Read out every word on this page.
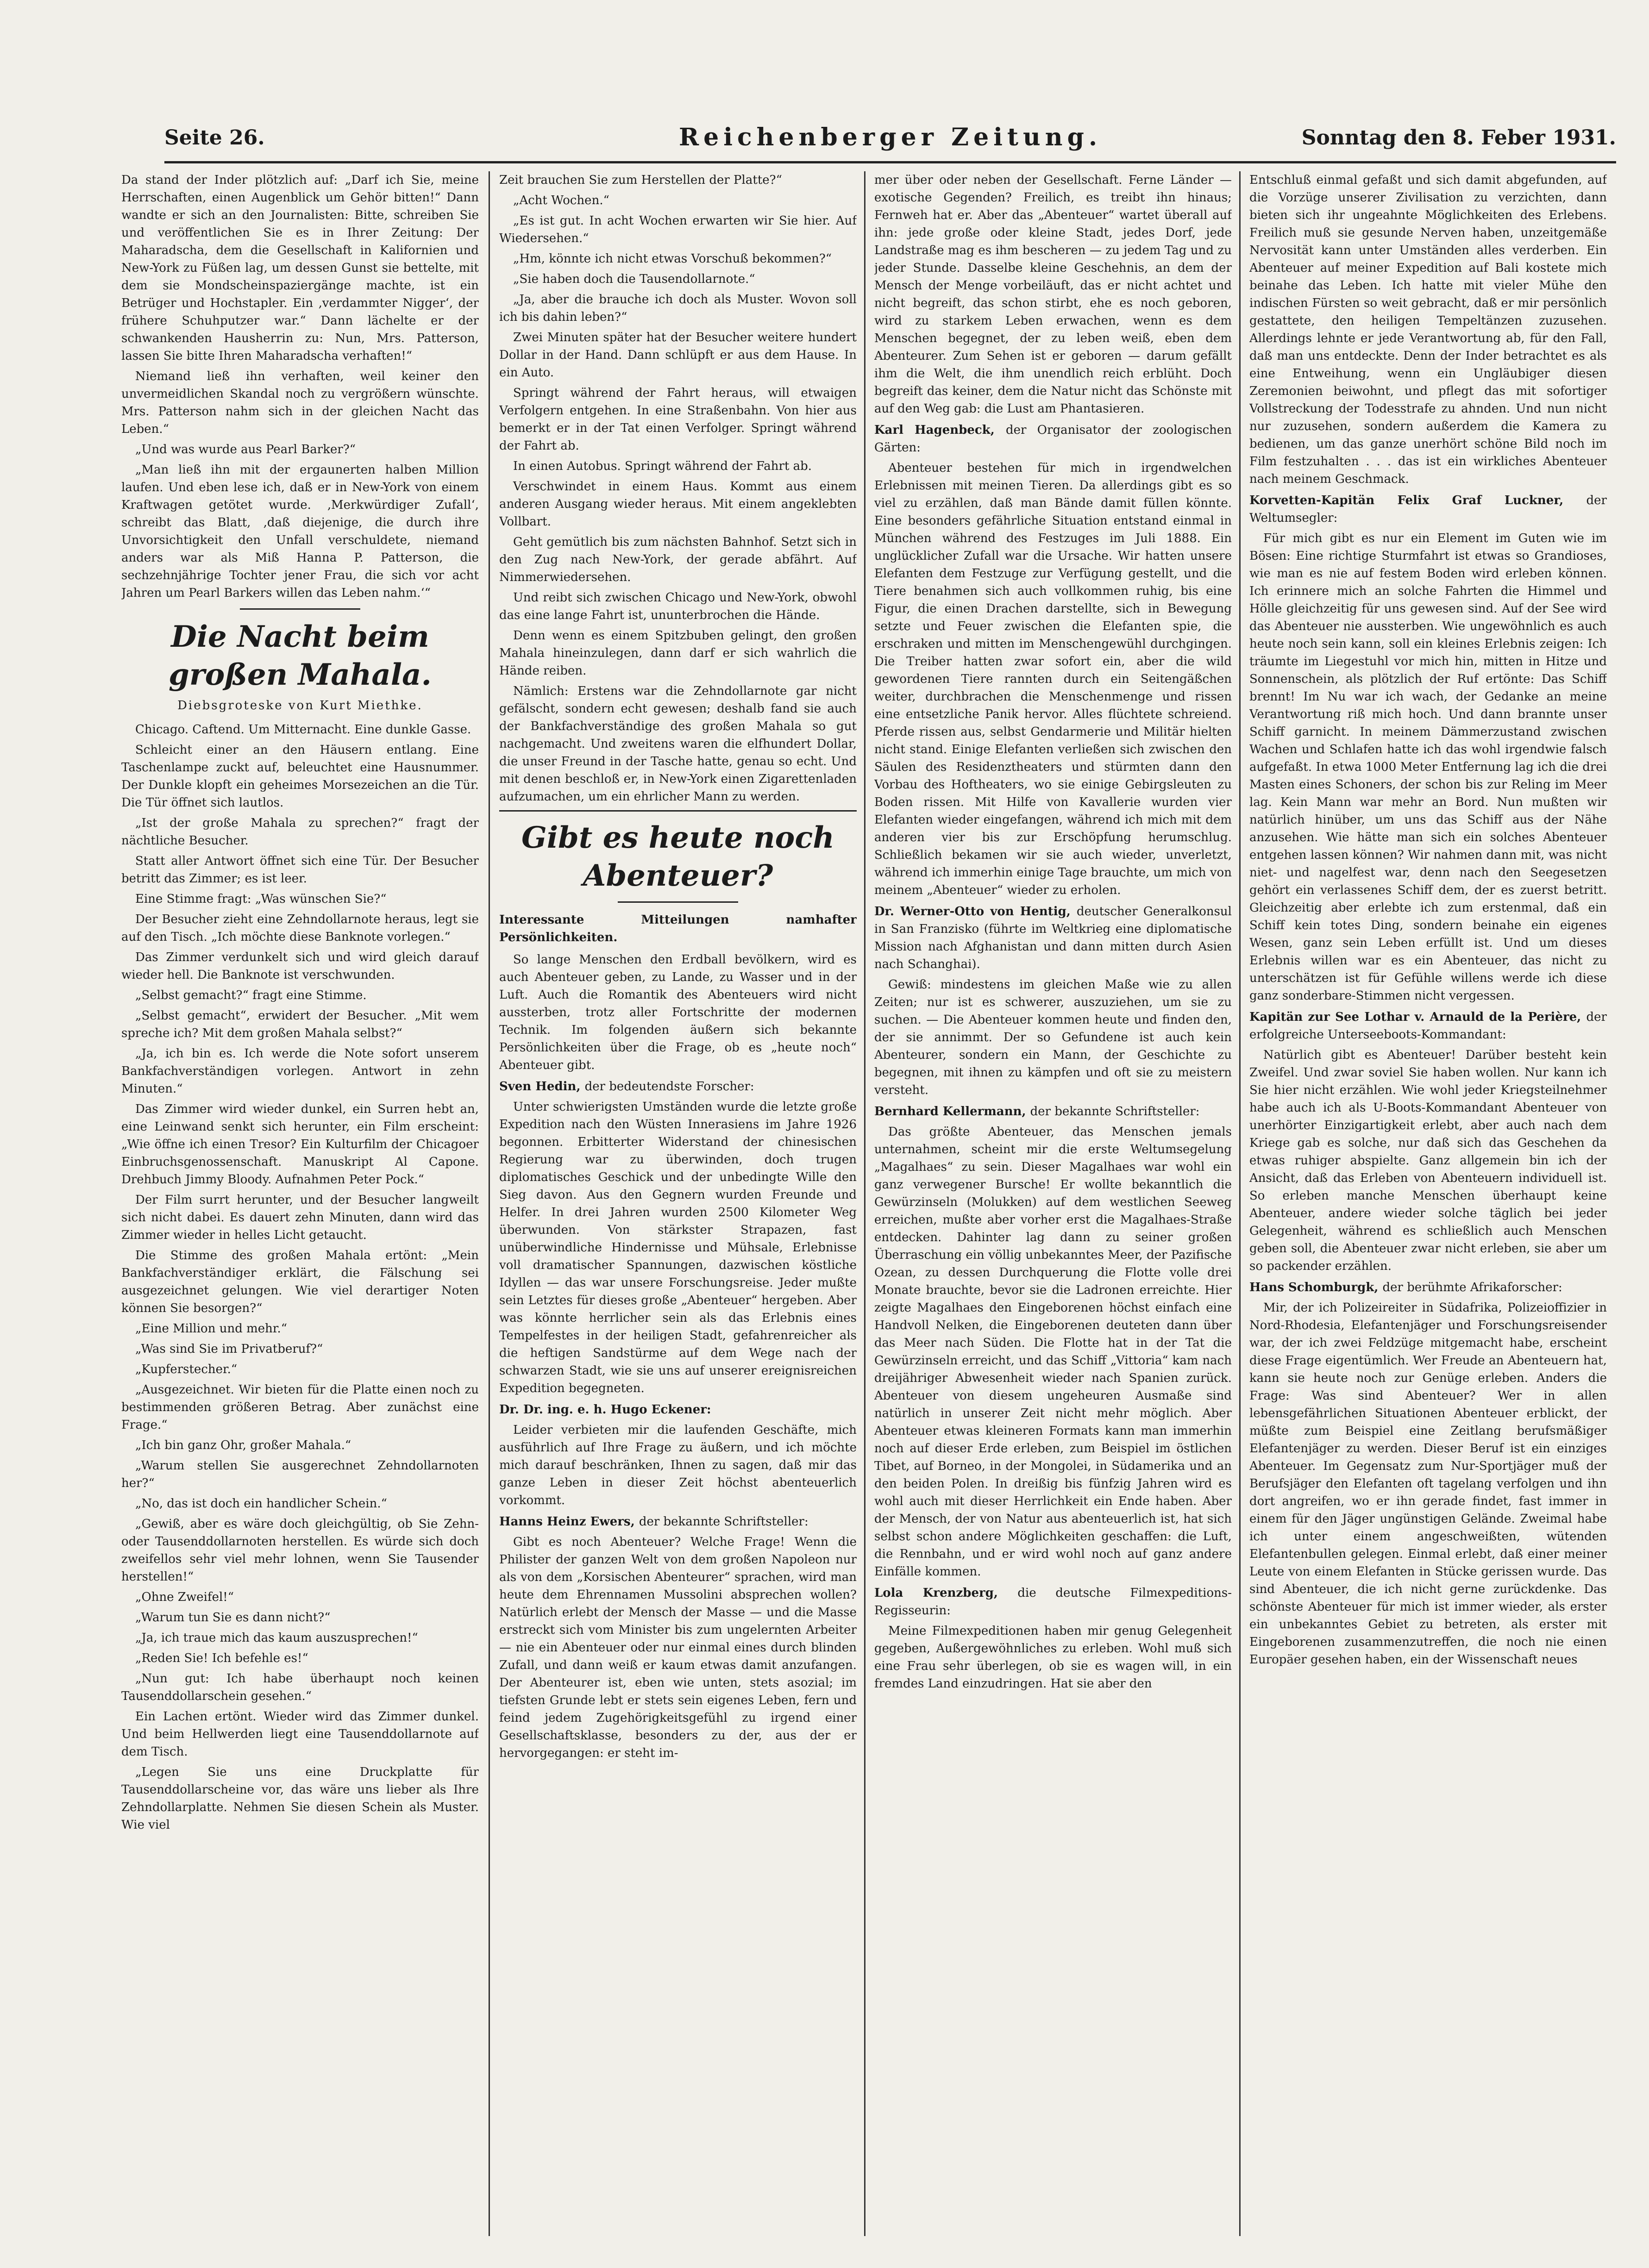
Seite 26.	Reichenberger Zeitung.	Sonntag den 8. Feber 1931.

Da stand der Inder plötzlich auf: „Darf ich Sie, meine Herrschaften, einen Augenblick um Gehör bitten!“ Dann wandte er sich an den Journalisten: Bitte, schreiben Sie und veröffentlichen Sie es in Ihrer Zeitung: Der Maharadscha, dem die Gesellschaft in Kalifornien und New-York zu Füßen lag, um dessen Gunst sie bettelte, mit dem sie Mondscheinspaziergänge machte, ist ein Betrüger und Hochstapler. Ein ‚verdammter Nigger‘, der frühere Schuhputzer war.“ Dann lächelte er der schwankenden Hausherrin zu: Nun, Mrs. Patterson, lassen Sie bitte Ihren Maharadscha verhaften!“

Niemand ließ ihn verhaften, weil keiner den unvermeidlichen Skandal noch zu vergrößern wünschte. Mrs. Patterson nahm sich in der gleichen Nacht das Leben.“

„Und was wurde aus Pearl Barker?“

„Man ließ ihn mit der ergaunerten halben Million laufen. Und eben lese ich, daß er in New-York von einem Kraftwagen getötet wurde. ‚Merkwürdiger Zufall‘, schreibt das Blatt, ‚daß diejenige, die durch ihre Unvorsichtigkeit den Unfall verschuldete, niemand anders war als Miß Hanna P. Patterson, die sechzehnjährige Tochter jener Frau, die sich vor acht Jahren um Pearl Barkers willen das Leben nahm.‘“

Die Nacht beim großen Mahala.

Diebsgroteske von Kurt Miethke.

Chicago. Caftend. Um Mitternacht. Eine dunkle Gasse.

Schleicht einer an den Häusern entlang. Eine Taschenlampe zuckt auf, beleuchtet eine Hausnummer. Der Dunkle klopft ein geheimes Morsezeichen an die Tür. Die Tür öffnet sich lautlos.

„Ist der große Mahala zu sprechen?“ fragt der nächtliche Besucher.

Statt aller Antwort öffnet sich eine Tür. Der Besucher betritt das Zimmer; es ist leer.

Eine Stimme fragt: „Was wünschen Sie?“

Der Besucher zieht eine Zehndollarnote heraus, legt sie auf den Tisch. „Ich möchte diese Banknote vorlegen.“

Das Zimmer verdunkelt sich und wird gleich darauf wieder hell. Die Banknote ist verschwunden.

„Selbst gemacht?“ fragt eine Stimme.

„Selbst gemacht“, erwidert der Besucher. „Mit wem spreche ich? Mit dem großen Mahala selbst?“

„Ja, ich bin es. Ich werde die Note sofort unserem Bankfachverständigen vorlegen. Antwort in zehn Minuten.“

Das Zimmer wird wieder dunkel, ein Surren hebt an, eine Leinwand senkt sich herunter, ein Film erscheint: „Wie öffne ich einen Tresor? Ein Kulturfilm der Chicagoer Einbruchsgenossenschaft. Manuskript Al Capone. Drehbuch Jimmy Bloody. Aufnahmen Peter Pock.“

Der Film surrt herunter, und der Besucher langweilt sich nicht dabei. Es dauert zehn Minuten, dann wird das Zimmer wieder in helles Licht getaucht.

Die Stimme des großen Mahala ertönt: „Mein Bankfachverständiger erklärt, die Fälschung sei ausgezeichnet gelungen. Wie viel derartiger Noten können Sie besorgen?“

„Eine Million und mehr.“

„Was sind Sie im Privatberuf?“

„Kupferstecher.“

„Ausgezeichnet. Wir bieten für die Platte einen noch zu bestimmenden größeren Betrag. Aber zunächst eine Frage.“

„Ich bin ganz Ohr, großer Mahala.“

„Warum stellen Sie ausgerechnet Zehndollarnoten her?“

„No, das ist doch ein handlicher Schein.“

„Gewiß, aber es wäre doch gleichgültig, ob Sie Zehn- oder Tausenddollarnoten herstellen. Es würde sich doch zweifellos sehr viel mehr lohnen, wenn Sie Tausender herstellen!“

„Ohne Zweifel!“

„Warum tun Sie es dann nicht?“

„Ja, ich traue mich das kaum auszusprechen!“

„Reden Sie! Ich befehle es!“

„Nun gut: Ich habe überhaupt noch keinen Tausenddollarschein gesehen.“

Ein Lachen ertönt. Wieder wird das Zimmer dunkel. Und beim Hellwerden liegt eine Tausenddollarnote auf dem Tisch.

„Legen Sie uns eine Druckplatte für Tausenddollarscheine vor, das wäre uns lieber als Ihre Zehndollarplatte. Nehmen Sie diesen Schein als Muster. Wie viel

Zeit brauchen Sie zum Herstellen der Platte?“

„Acht Wochen.“

„Es ist gut. In acht Wochen erwarten wir Sie hier. Auf Wiedersehen.“

„Hm, könnte ich nicht etwas Vorschuß bekommen?“

„Sie haben doch die Tausendollarnote.“

„Ja, aber die brauche ich doch als Muster. Wovon soll ich bis dahin leben?“

Zwei Minuten später hat der Besucher weitere hundert Dollar in der Hand. Dann schlüpft er aus dem Hause. In ein Auto.

Springt während der Fahrt heraus, will etwaigen Verfolgern entgehen. In eine Straßenbahn. Von hier aus bemerkt er in der Tat einen Verfolger. Springt während der Fahrt ab.

In einen Autobus. Springt während der Fahrt ab.

Verschwindet in einem Haus. Kommt aus einem anderen Ausgang wieder heraus. Mit einem angeklebten Vollbart.

Geht gemütlich bis zum nächsten Bahnhof. Setzt sich in den Zug nach New-York, der gerade abfährt. Auf Nimmerwiedersehen.

Und reibt sich zwischen Chicago und New-York, obwohl das eine lange Fahrt ist, ununterbrochen die Hände.

Denn wenn es einem Spitzbuben gelingt, den großen Mahala hineinzulegen, dann darf er sich wahrlich die Hände reiben.

Nämlich: Erstens war die Zehndollarnote gar nicht gefälscht, sondern echt gewesen; deshalb fand sie auch der Bankfachverständige des großen Mahala so gut nachgemacht. Und zweitens waren die elfhundert Dollar, die unser Freund in der Tasche hatte, genau so echt. Und mit denen beschloß er, in New-York einen Zigarettenladen aufzumachen, um ein ehrlicher Mann zu werden.

Gibt es heute noch Abenteuer?

Interessante Mitteilungen namhafter Persönlichkeiten.

So lange Menschen den Erdball bevölkern, wird es auch Abenteuer geben, zu Lande, zu Wasser und in der Luft. Auch die Romantik des Abenteuers wird nicht aussterben, trotz aller Fortschritte der modernen Technik. Im folgenden äußern sich bekannte Persönlichkeiten über die Frage, ob es „heute noch“ Abenteuer gibt.

Sven Hedin, der bedeutendste Forscher:

Unter schwierigsten Umständen wurde die letzte große Expedition nach den Wüsten Innerasiens im Jahre 1926 begonnen. Erbitterter Widerstand der chinesischen Regierung war zu überwinden, doch trugen diplomatisches Geschick und der unbedingte Wille den Sieg davon. Aus den Gegnern wurden Freunde und Helfer. In drei Jahren wurden 2500 Kilometer Weg überwunden. Von stärkster Strapazen, fast unüberwindliche Hindernisse und Mühsale, Erlebnisse voll dramatischer Spannungen, dazwischen köstliche Idyllen — das war unsere Forschungsreise. Jeder mußte sein Letztes für dieses große „Abenteuer“ hergeben. Aber was könnte herrlicher sein als das Erlebnis eines Tempelfestes in der heiligen Stadt, gefahrenreicher als die heftigen Sandstürme auf dem Wege nach der schwarzen Stadt, wie sie uns auf unserer ereignisreichen Expedition begegneten.

Dr. Dr. ing. e. h. Hugo Eckener:

Leider verbieten mir die laufenden Geschäfte, mich ausführlich auf Ihre Frage zu äußern, und ich möchte mich darauf beschränken, Ihnen zu sagen, daß mir das ganze Leben in dieser Zeit höchst abenteuerlich vorkommt.

Hanns Heinz Ewers, der bekannte Schriftsteller:

Gibt es noch Abenteuer? Welche Frage! Wenn die Philister der ganzen Welt von dem großen Napoleon nur als von dem „Korsischen Abenteurer“ sprachen, wird man heute dem Ehrennamen Mussolini absprechen wollen? Natürlich erlebt der Mensch der Masse — und die Masse erstreckt sich vom Minister bis zum ungelernten Arbeiter — nie ein Abenteuer oder nur einmal eines durch blinden Zufall, und dann weiß er kaum etwas damit anzufangen. Der Abenteurer ist, eben wie unten, stets asozial; im tiefsten Grunde lebt er stets sein eigenes Leben, fern und feind jedem Zugehörigkeitsgefühl zu irgend einer Gesellschaftsklasse, besonders zu der, aus der er hervorgegangen: er steht im-

mer über oder neben der Gesellschaft. Ferne Länder — exotische Gegenden? Freilich, es treibt ihn hinaus; Fernweh hat er. Aber das „Abenteuer“ wartet überall auf ihn: jede große oder kleine Stadt, jedes Dorf, jede Landstraße mag es ihm bescheren — zu jedem Tag und zu jeder Stunde. Dasselbe kleine Geschehnis, an dem der Mensch der Menge vorbeiläuft, das er nicht achtet und nicht begreift, das schon stirbt, ehe es noch geboren, wird zu starkem Leben erwachen, wenn es dem Menschen begegnet, der zu leben weiß, eben dem Abenteurer. Zum Sehen ist er geboren — darum gefällt ihm die Welt, die ihm unendlich reich erblüht. Doch begreift das keiner, dem die Natur nicht das Schönste mit auf den Weg gab: die Lust am Phantasieren.

Karl Hagenbeck, der Organisator der zoologischen Gärten:

Abenteuer bestehen für mich in irgendwelchen Erlebnissen mit meinen Tieren. Da allerdings gibt es so viel zu erzählen, daß man Bände damit füllen könnte. Eine besonders gefährliche Situation entstand einmal in München während des Festzuges im Juli 1888. Ein unglücklicher Zufall war die Ursache. Wir hatten unsere Elefanten dem Festzuge zur Verfügung gestellt, und die Tiere benahmen sich auch vollkommen ruhig, bis eine Figur, die einen Drachen darstellte, sich in Bewegung setzte und Feuer zwischen die Elefanten spie, die erschraken und mitten im Menschengewühl durchgingen. Die Treiber hatten zwar sofort ein, aber die wild gewordenen Tiere rannten durch ein Seitengäßchen weiter, durchbrachen die Menschenmenge und rissen eine entsetzliche Panik hervor. Alles flüchtete schreiend. Pferde rissen aus, selbst Gendarmerie und Militär hielten nicht stand. Einige Elefanten verließen sich zwischen den Säulen des Residenztheaters und stürmten dann den Vorbau des Hoftheaters, wo sie einige Gebirgsleuten zu Boden rissen. Mit Hilfe von Kavallerie wurden vier Elefanten wieder eingefangen, während ich mich mit dem anderen vier bis zur Erschöpfung herumschlug. Schließlich bekamen wir sie auch wieder, unverletzt, während ich immerhin einige Tage brauchte, um mich von meinem „Abenteuer“ wieder zu erholen.

Dr. Werner-Otto von Hentig, deutscher Generalkonsul in San Franzisko (führte im Weltkrieg eine diplomatische Mission nach Afghanistan und dann mitten durch Asien nach Schanghai).

Gewiß: mindestens im gleichen Maße wie zu allen Zeiten; nur ist es schwerer, auszuziehen, um sie zu suchen. — Die Abenteuer kommen heute und finden den, der sie annimmt. Der so Gefundene ist auch kein Abenteurer, sondern ein Mann, der Geschichte zu begegnen, mit ihnen zu kämpfen und oft sie zu meistern versteht.

Bernhard Kellermann, der bekannte Schriftsteller:

Das größte Abenteuer, das Menschen jemals unternahmen, scheint mir die erste Weltumsegelung „Magalhaes“ zu sein. Dieser Magalhaes war wohl ein ganz verwegener Bursche! Er wollte bekanntlich die Gewürzinseln (Molukken) auf dem westlichen Seeweg erreichen, mußte aber vorher erst die Magalhaes-Straße entdecken. Dahinter lag dann zu seiner großen Überraschung ein völlig unbekanntes Meer, der Pazifische Ozean, zu dessen Durchquerung die Flotte volle drei Monate brauchte, bevor sie die Ladronen erreichte. Hier zeigte Magalhaes den Eingeborenen höchst einfach eine Handvoll Nelken, die Eingeborenen deuteten dann über das Meer nach Süden. Die Flotte hat in der Tat die Gewürzinseln erreicht, und das Schiff „Vittoria“ kam nach dreijähriger Abwesenheit wieder nach Spanien zurück. Abenteuer von diesem ungeheuren Ausmaße sind natürlich in unserer Zeit nicht mehr möglich. Aber Abenteuer etwas kleineren Formats kann man immerhin noch auf dieser Erde erleben, zum Beispiel im östlichen Tibet, auf Borneo, in der Mongolei, in Südamerika und an den beiden Polen. In dreißig bis fünfzig Jahren wird es wohl auch mit dieser Herrlichkeit ein Ende haben. Aber der Mensch, der von Natur aus abenteuerlich ist, hat sich selbst schon andere Möglichkeiten geschaffen: die Luft, die Rennbahn, und er wird wohl noch auf ganz andere Einfälle kommen.

Lola Krenzberg, die deutsche Filmexpeditions-Regisseurin:

Meine Filmexpeditionen haben mir genug Gelegenheit gegeben, Außergewöhnliches zu erleben. Wohl muß sich eine Frau sehr überlegen, ob sie es wagen will, in ein fremdes Land einzudringen. Hat sie aber den

Entschluß einmal gefaßt und sich damit abgefunden, auf die Vorzüge unserer Zivilisation zu verzichten, dann bieten sich ihr ungeahnte Möglichkeiten des Erlebens. Freilich muß sie gesunde Nerven haben, unzeitgemäße Nervosität kann unter Umständen alles verderben. Ein Abenteuer auf meiner Expedition auf Bali kostete mich beinahe das Leben. Ich hatte mit vieler Mühe den indischen Fürsten so weit gebracht, daß er mir persönlich gestattete, den heiligen Tempeltänzen zuzusehen. Allerdings lehnte er jede Verantwortung ab, für den Fall, daß man uns entdeckte. Denn der Inder betrachtet es als eine Entweihung, wenn ein Ungläubiger diesen Zeremonien beiwohnt, und pflegt das mit sofortiger Vollstreckung der Todesstrafe zu ahnden. Und nun nicht nur zuzusehen, sondern außerdem die Kamera zu bedienen, um das ganze unerhört schöne Bild noch im Film festzuhalten . . . das ist ein wirkliches Abenteuer nach meinem Geschmack.

Korvetten-Kapitän Felix Graf Luckner, der Weltumsegler:

Für mich gibt es nur ein Element im Guten wie im Bösen: Eine richtige Sturmfahrt ist etwas so Grandioses, wie man es nie auf festem Boden wird erleben können. Ich erinnere mich an solche Fahrten die Himmel und Hölle gleichzeitig für uns gewesen sind. Auf der See wird das Abenteuer nie aussterben. Wie ungewöhnlich es auch heute noch sein kann, soll ein kleines Erlebnis zeigen: Ich träumte im Liegestuhl vor mich hin, mitten in Hitze und Sonnenschein, als plötzlich der Ruf ertönte: Das Schiff brennt! Im Nu war ich wach, der Gedanke an meine Verantwortung riß mich hoch. Und dann brannte unser Schiff garnicht. In meinem Dämmerzustand zwischen Wachen und Schlafen hatte ich das wohl irgendwie falsch aufgefaßt. In etwa 1000 Meter Entfernung lag ich die drei Masten eines Schoners, der schon bis zur Reling im Meer lag. Kein Mann war mehr an Bord. Nun mußten wir natürlich hinüber, um uns das Schiff aus der Nähe anzusehen. Wie hätte man sich ein solches Abenteuer entgehen lassen können? Wir nahmen dann mit, was nicht niet- und nagelfest war, denn nach den Seegesetzen gehört ein verlassenes Schiff dem, der es zuerst betritt. Gleichzeitig aber erlebte ich zum erstenmal, daß ein Schiff kein totes Ding, sondern beinahe ein eigenes Wesen, ganz sein Leben erfüllt ist. Und um dieses Erlebnis willen war es ein Abenteuer, das nicht zu unterschätzen ist für Gefühle willens werde ich diese ganz sonderbare-Stimmen nicht vergessen.

Kapitän zur See Lothar v. Arnauld de la Perière, der erfolgreiche Unterseeboots-Kommandant:

Natürlich gibt es Abenteuer! Darüber besteht kein Zweifel. Und zwar soviel Sie haben wollen. Nur kann ich Sie hier nicht erzählen. Wie wohl jeder Kriegsteilnehmer habe auch ich als U-Boots-Kommandant Abenteuer von unerhörter Einzigartigkeit erlebt, aber auch nach dem Kriege gab es solche, nur daß sich das Geschehen da etwas ruhiger abspielte. Ganz allgemein bin ich der Ansicht, daß das Erleben von Abenteuern individuell ist. So erleben manche Menschen überhaupt keine Abenteuer, andere wieder solche täglich bei jeder Gelegenheit, während es schließlich auch Menschen geben soll, die Abenteuer zwar nicht erleben, sie aber um so packender erzählen.

Hans Schomburgk, der berühmte Afrikaforscher:

Mir, der ich Polizeireiter in Südafrika, Polizeioffizier in Nord-Rhodesia, Elefantenjäger und Forschungsreisender war, der ich zwei Feldzüge mitgemacht habe, erscheint diese Frage eigentümlich. Wer Freude an Abenteuern hat, kann sie heute noch zur Genüge erleben. Anders die Frage: Was sind Abenteuer? Wer in allen lebensgefährlichen Situationen Abenteuer erblickt, der müßte zum Beispiel eine Zeitlang berufsmäßiger Elefantenjäger zu werden. Dieser Beruf ist ein einziges Abenteuer. Im Gegensatz zum Nur-Sportjäger muß der Berufsjäger den Elefanten oft tagelang verfolgen und ihn dort angreifen, wo er ihn gerade findet, fast immer in einem für den Jäger ungünstigen Gelände. Zweimal habe ich unter einem angeschweißten, wütenden Elefantenbullen gelegen. Einmal erlebt, daß einer meiner Leute von einem Elefanten in Stücke gerissen wurde. Das sind Abenteuer, die ich nicht gerne zurückdenke. Das schönste Abenteuer für mich ist immer wieder, als erster ein unbekanntes Gebiet zu betreten, als erster mit Eingeborenen zusammenzutreffen, die noch nie einen Europäer gesehen haben, ein der Wissenschaft neues
